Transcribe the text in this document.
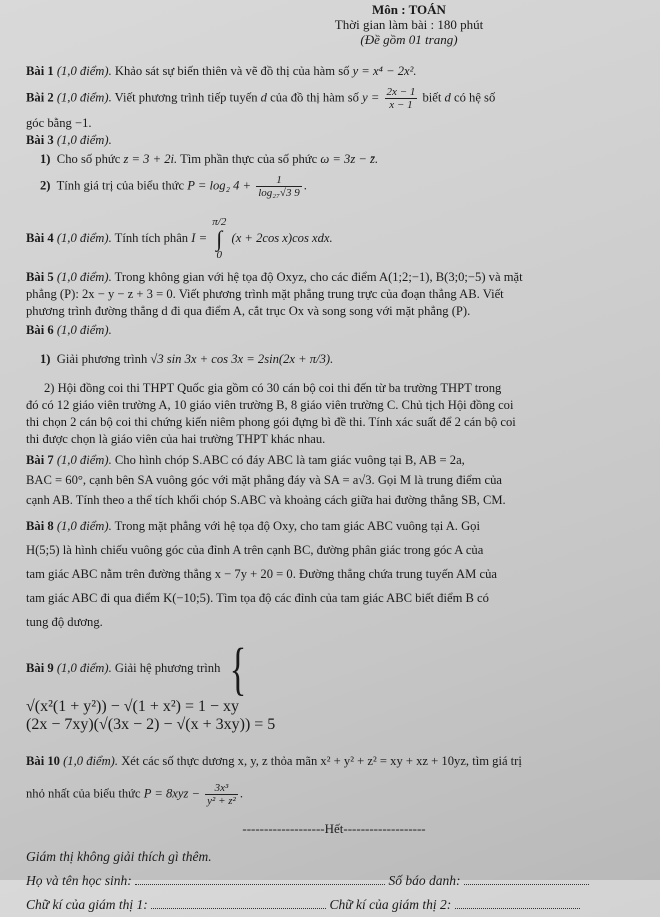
Môn : TOÁN
Thời gian làm bài : 180 phút
(Đề gồm 01 trang)

Bài 1 (1,0 điểm). Khảo sát sự biến thiên và vẽ đồ thị của hàm số y = x⁴ − 2x².

Bài 2 (1,0 điểm). Viết phương trình tiếp tuyến d của đồ thị hàm số $y = \frac{2x - 1}{x - 1}$ biết d có hệ số

góc bằng −1.

Bài 3 (1,0 điểm).

1) Cho số phức z = 3 + 2i. Tìm phần thực của số phức ω = 3z − z̄.

2) Tính giá trị của biểu thức P = log₂ $4 + \frac{1}{\text{log₂₇√3 9}}$ .

Bài 4 (1,0 điểm). Tính tích phân I = π/2
∫
0 (x + 2cos x)cos xdx.

Bài 5 (1,0 điểm). Trong không gian với hệ tọa độ Oxyz, cho các điểm A(1;2;−1), B(3;0;−5) và mặt

phẳng (P): 2x − y − z + 3 = 0. Viết phương trình mặt phẳng trung trực của đoạn thẳng AB. Viết

phương trình đường thẳng d đi qua điểm A, cắt trục Ox và song song với mặt phẳng (P).

Bài 6 (1,0 điểm).

1) Giải phương trình √3 sin 3x + cos 3x = 2sin(2x + π/3).

2) Hội đồng coi thi THPT Quốc gia gồm có 30 cán bộ coi thi đến từ ba trường THPT trong

đó có 12 giáo viên trường A, 10 giáo viên trường B, 8 giáo viên trường C. Chủ tịch Hội đồng coi

thi chọn 2 cán bộ coi thi chứng kiến niêm phong gói đựng bì đề thi. Tính xác suất để 2 cán bộ coi

thi được chọn là giáo viên của hai trường THPT khác nhau.

Bài 7 (1,0 điểm). Cho hình chóp S.ABC có đáy ABC là tam giác vuông tại B, AB = 2a,

BAC = 60°, cạnh bên SA vuông góc với mặt phẳng đáy và SA = a√3. Gọi M là trung điểm của

cạnh AB. Tính theo a thể tích khối chóp S.ABC và khoảng cách giữa hai đường thẳng SB, CM.

Bài 8 (1,0 điểm). Trong mặt phẳng với hệ tọa độ Oxy, cho tam giác ABC vuông tại A. Gọi

H(5;5) là hình chiếu vuông góc của đỉnh A trên cạnh BC, đường phân giác trong góc A của

tam giác ABC nằm trên đường thẳng x − 7y + 20 = 0. Đường thẳng chứa trung tuyến AM của

tam giác ABC đi qua điểm K(−10;5). Tìm tọa độ các đỉnh của tam giác ABC biết điểm B có

tung độ dương.

Bài 9 (1,0 điểm). Giải hệ phương trình {

√(x²(1 + y²)) − √(1 + x²) = 1 − xy
(2x − 7xy)(√(3x − 2) − √(x + 3xy)) = 5

Bài 10 (1,0 điểm). Xét các số thực dương x, y, z thỏa mãn x² + y² + z² = xy + xz + 10yz, tìm giá trị

nhỏ nhất của biểu thức $P = 8xyz - \frac{\text{3x³}}{\text{y² + z²}}$ .

-------------------Hết-------------------

Giám thị không giải thích gì thêm.

Họ và tên học sinh:	Số báo danh:

Chữ kí của giám thị 1:	Chữ kí của giám thị 2:
